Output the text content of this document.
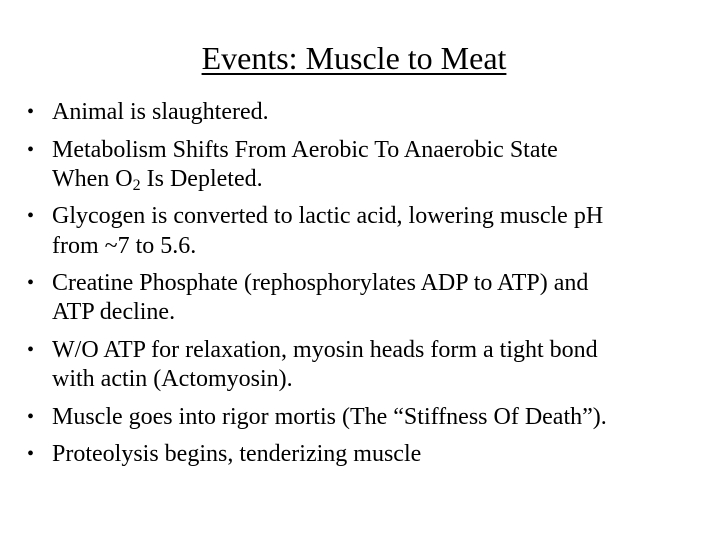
Events: Muscle to Meat
• Animal is slaughtered.
• Metabolism Shifts From Aerobic To Anaerobic State
When $O_2$ Is Depleted.
• Glycogen is converted to lactic acid, lowering muscle pH
from ~7 to 5.6.
• Creatine Phosphate (rephosphorylates ADP to ATP) and
ATP decline.
• W/O ATP for relaxation, myosin heads form a tight bond
with actin (Actomyosin).
• Muscle goes into rigor mortis (The “Stiffness Of Death”).
• Proteolysis begins, tenderizing muscle
